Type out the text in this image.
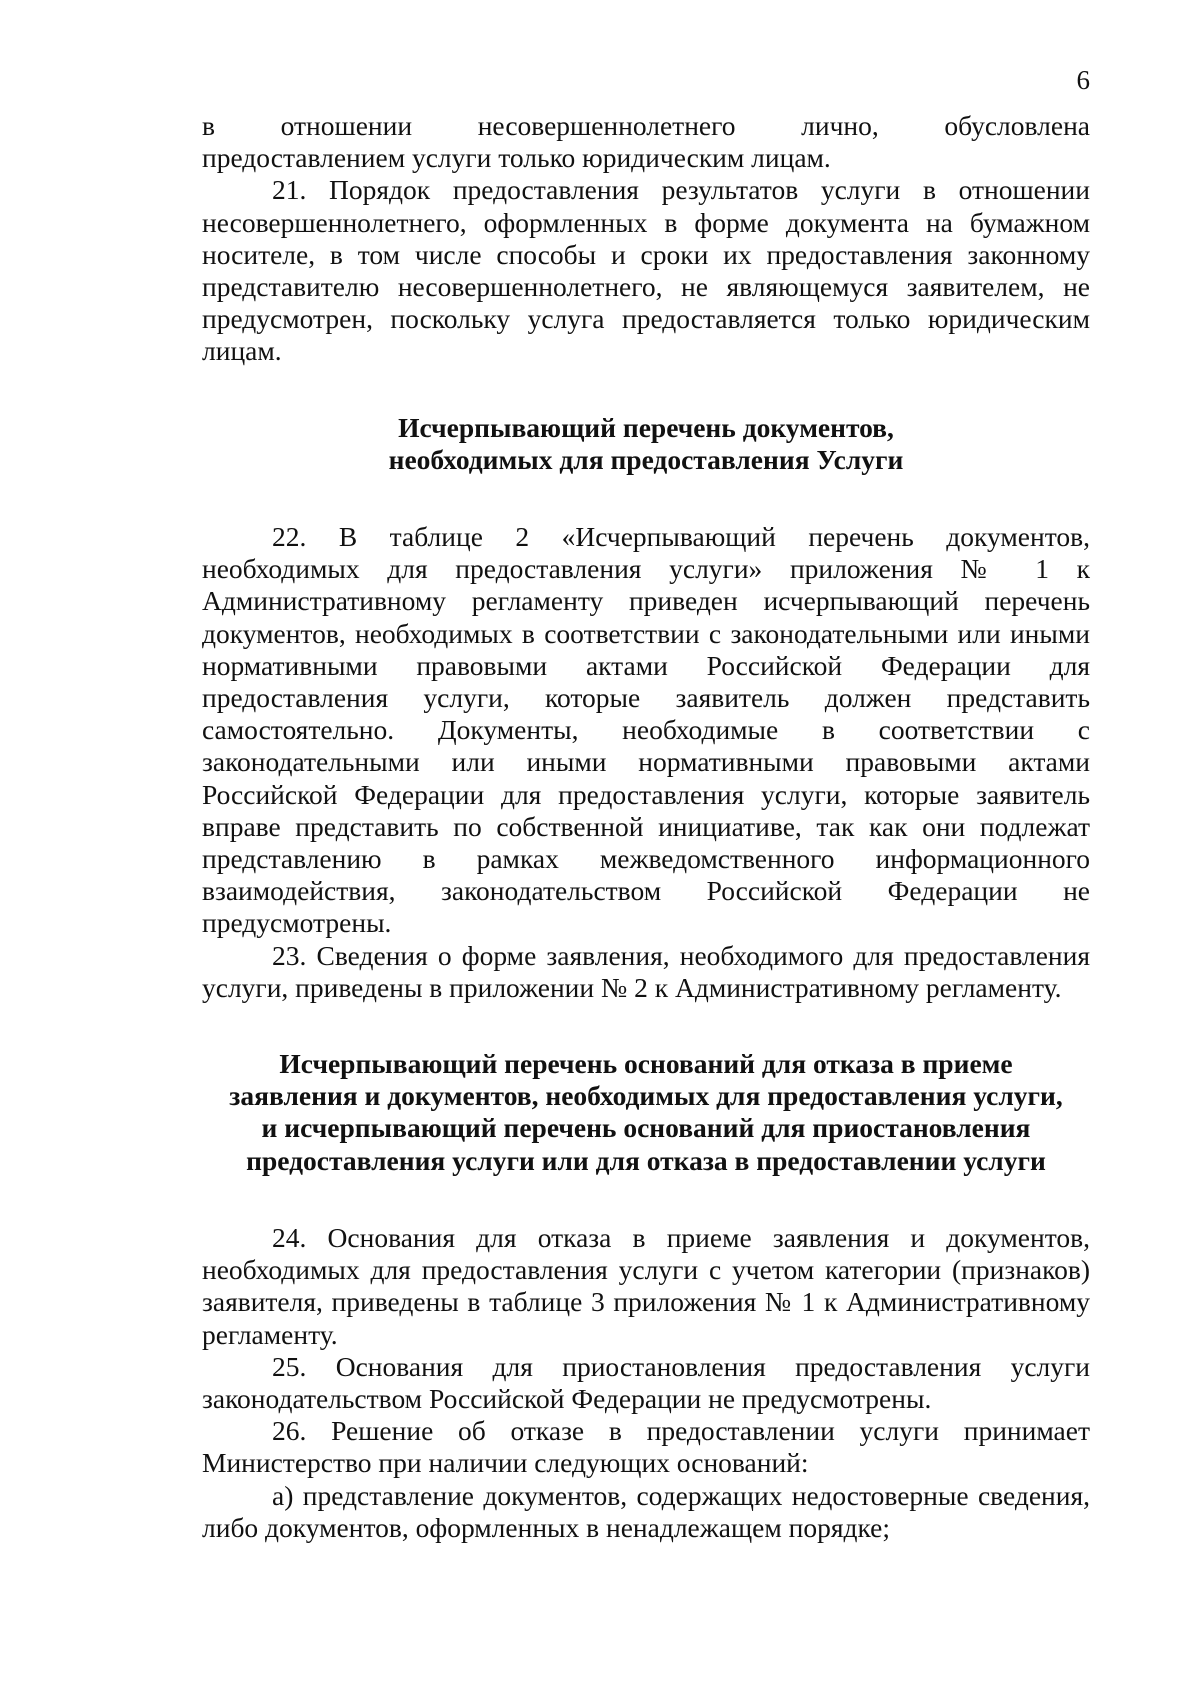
6

в отношении несовершеннолетнего лично, обусловлена

предоставлением услуги только юридическим лицам.

21. Порядок предоставления результатов услуги в отношении несовершеннолетнего, оформленных в форме документа на бумажном носителе, в том числе способы и сроки их предоставления законному представителю несовершеннолетнего, не являющемуся заявителем, не предусмотрен, поскольку услуга предоставляется только юридическим лицам.

Исчерпывающий перечень документов,
необходимых для предоставления Услуги

22. В таблице 2 «Исчерпывающий перечень документов, необходимых для предоставления услуги» приложения № 1 к Административному регламенту приведен исчерпывающий перечень документов, необходимых в соответствии с законодательными или иными нормативными правовыми актами Российской Федерации для предоставления услуги, которые заявитель должен представить самостоятельно. Документы, необходимые в соответствии с законодательными или иными нормативными правовыми актами Российской Федерации для предоставления услуги, которые заявитель вправе представить по собственной инициативе, так как они подлежат представлению в рамках межведомственного информационного взаимодействия, законодательством Российской Федерации не предусмотрены.

23. Сведения о форме заявления, необходимого для предоставления услуги, приведены в приложении № 2 к Административному регламенту.

Исчерпывающий перечень оснований для отказа в приеме
заявления и документов, необходимых для предоставления услуги,
и исчерпывающий перечень оснований для приостановления
предоставления услуги или для отказа в предоставлении услуги

24. Основания для отказа в приеме заявления и документов, необходимых для предоставления услуги с учетом категории (признаков) заявителя, приведены в таблице 3 приложения № 1 к Административному регламенту.

25. Основания для приостановления предоставления услуги законодательством Российской Федерации не предусмотрены.

26. Решение об отказе в предоставлении услуги принимает Министерство при наличии следующих оснований:

а) представление документов, содержащих недостоверные сведения, либо документов, оформленных в ненадлежащем порядке;
